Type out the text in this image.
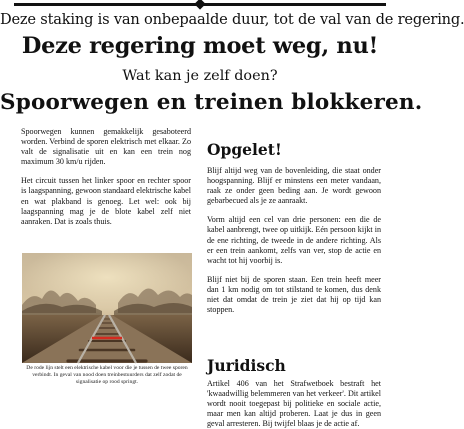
Deze staking is van onbepaalde duur, tot de val van de regering.
Deze regering moet weg, nu!
Wat kan je zelf doen?
Spoorwegen en treinen blokkeren.

Spoorwegen kunnen gemakkelijk gesaboteerd worden. Verbind de sporen elektrisch met elkaar. Zo valt de signalisatie uit en kan een trein nog maximum 30 km/u rijden.

Het circuit tussen het linker spoor en rechter spoor is laagspanning, gewoon standaard elektrische kabel en wat plakband is genoeg. Let wel: ook bij laagspanning mag je de blote kabel zelf niet aanraken. Dat is zoals thuis.

De rode lijn stelt een elektrische kabel voor die je tussen de twee sporen verbindt. In geval van nood doen treinbestuurders dat zelf zodat de signalisatie op rood springt.
Opgelet!

Blijf altijd weg van de bovenleiding, die staat onder hoogspanning. Blijf er minstens een meter vandaan, raak ze onder geen beding aan. Je wordt gewoon gebarbecued als je ze aanraakt.

Vorm altijd een cel van drie personen: een die de kabel aanbrengt, twee op uitkijk. Eén persoon kijkt in de ene richting, de tweede in de andere richting. Als er een trein aankomt, zelfs van ver, stop de actie en wacht tot hij voorbij is.

Blijf niet bij de sporen staan. Een trein heeft meer dan 1 km nodig om tot stilstand te komen, dus denk niet dat omdat de trein je ziet dat hij op tijd kan stoppen.

Juridisch
Artikel 406 van het Strafwetboek bestraft het 'kwaadwillig belemmeren van het verkeer'. Dit artikel wordt nooit toegepast bij politieke en sociale actie, maar men kan altijd proberen. Laat je dus in geen geval arresteren. Bij twijfel blaas je de actie af.
